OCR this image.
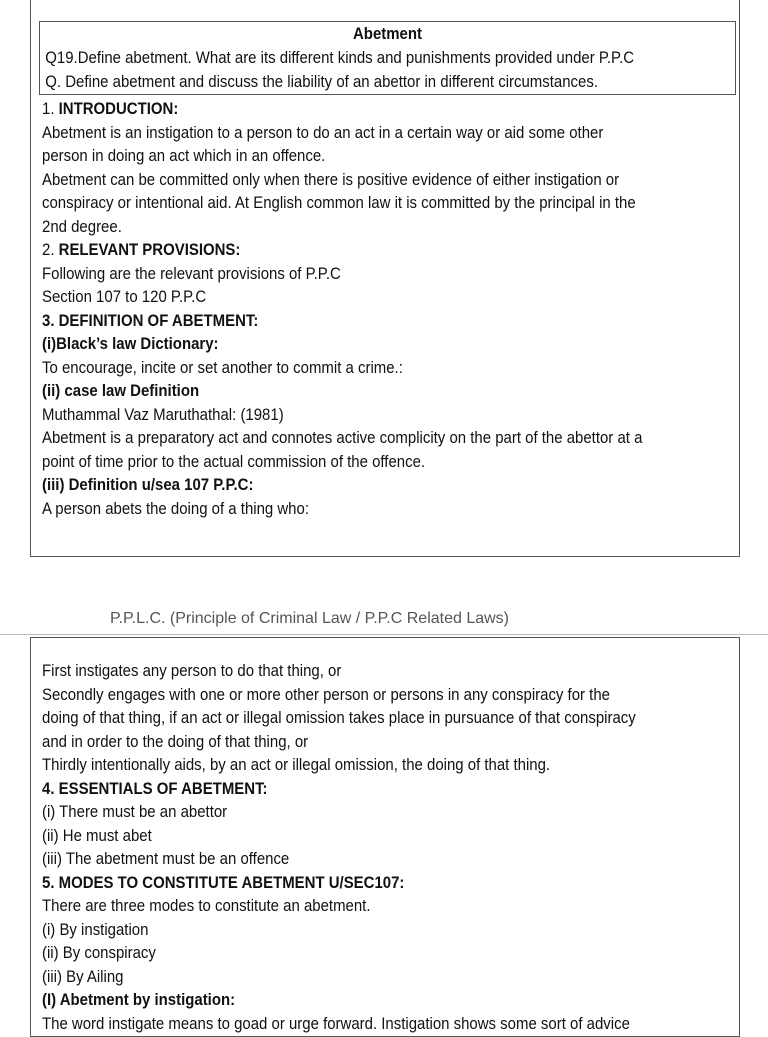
Abetment
Q19.Define abetment. What are its different kinds and punishments provided under P.P.C
Q. Define abetment and discuss the liability of an abettor in different circumstances.
1. INTRODUCTION:
Abetment is an instigation to a person to do an act in a certain way or aid some other
person in doing an act which in an offence.
Abetment can be committed only when there is positive evidence of either instigation or
conspiracy or intentional aid. At English common law it is committed by the principal in the
2nd degree.
2. RELEVANT PROVISIONS:
Following are the relevant provisions of P.P.C
Section 107 to 120 P.P.C
3. DEFINITION OF ABETMENT:
(i)Black’s law Dictionary:
To encourage, incite or set another to commit a crime.:
(ii) case law Definition
Muthammal Vaz Maruthathal: (1981)
Abetment is a preparatory act and connotes active complicity on the part of the abettor at a
point of time prior to the actual commission of the offence.
(iii) Definition u/sea 107 P.P.C:
A person abets the doing of a thing who:
P.P.L.C. (Principle of Criminal Law / P.P.C Related Laws)
First instigates any person to do that thing, or
Secondly engages with one or more other person or persons in any conspiracy for the
doing of that thing, if an act or illegal omission takes place in pursuance of that conspiracy
and in order to the doing of that thing, or
Thirdly intentionally aids, by an act or illegal omission, the doing of that thing.
4. ESSENTIALS OF ABETMENT:
(i) There must be an abettor
(ii) He must abet
(iii) The abetment must be an offence
5. MODES TO CONSTITUTE ABETMENT U/SEC107:
There are three modes to constitute an abetment.
(i) By instigation
(ii) By conspiracy
(iii) By Ailing
(I) Abetment by instigation:
The word instigate means to goad or urge forward. Instigation shows some sort of advice
